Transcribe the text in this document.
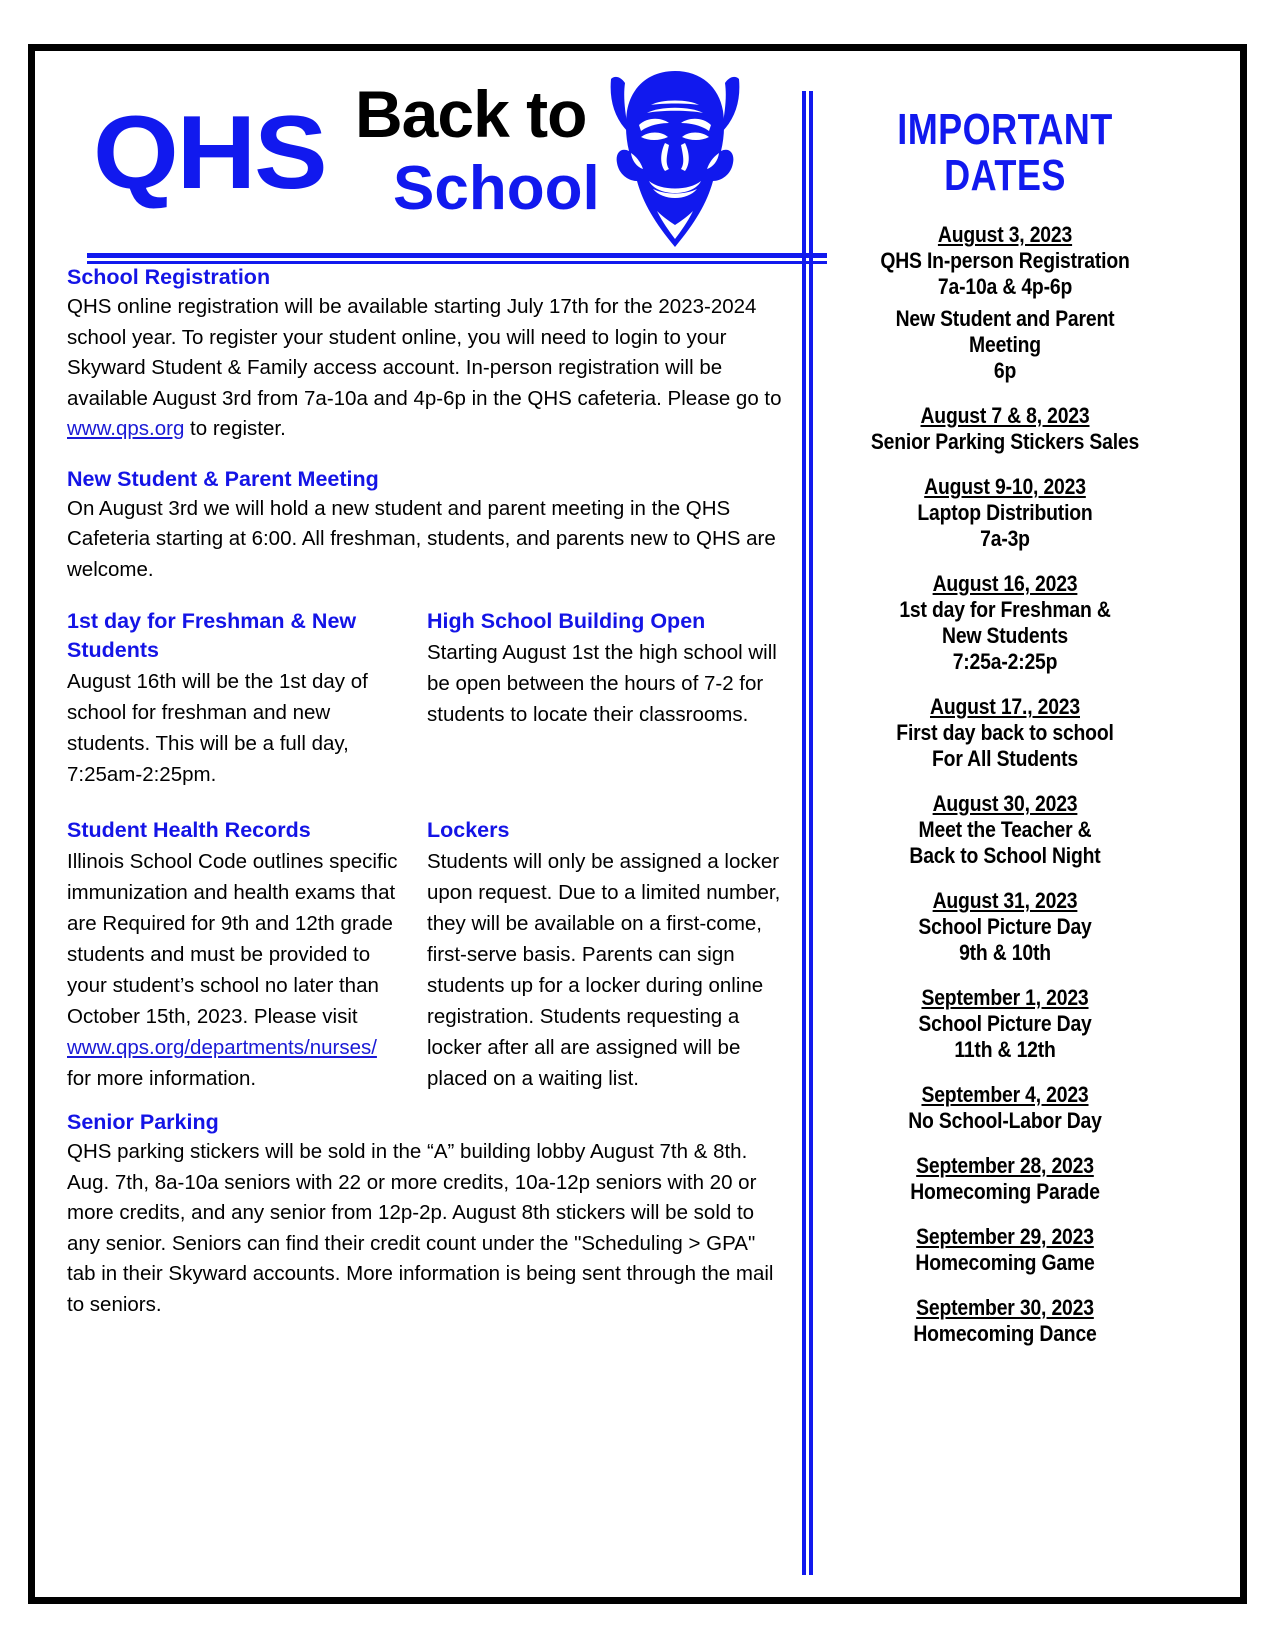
QHS Back to
School
School Registration

QHS online registration will be available starting July 17th for the 2023-2024 school year. To register your student online, you will need to login to your Skyward Student & Family access account. In-person registration will be available August 3rd from 7a-10a and 4p-6p in the QHS cafeteria. Please go to www.qps.org to register.

New Student & Parent Meeting

On August 3rd we will hold a new student and parent meeting in the QHS Cafeteria starting at 6:00. All freshman, students, and parents new to QHS are welcome.

1st day for Freshman & New Students

August 16th will be the 1st day of school for freshman and new students. This will be a full day, 7:25am-2:25pm.

High School Building Open

Starting August 1st the high school will be open between the hours of 7-2 for students to locate their classrooms.

Student Health Records

Illinois School Code outlines specific immunization and health exams that are Required for 9th and 12th grade students and must be provided to your student’s school no later than October 15th, 2023. Please visit www.qps.org/departments/nurses/ for more information.

Lockers

Students will only be assigned a locker upon request. Due to a limited number, they will be available on a first-come, first-serve basis. Parents can sign students up for a locker during online registration. Students requesting a locker after all are assigned will be placed on a waiting list.

Senior Parking

QHS parking stickers will be sold in the “A” building lobby August 7th & 8th. Aug. 7th, 8a-10a seniors with 22 or more credits, 10a-12p seniors with 20 or more credits, and any senior from 12p-2p. August 8th stickers will be sold to any senior. Seniors can find their credit count under the "Scheduling > GPA" tab in their Skyward accounts. More information is being sent through the mail to seniors.

IMPORTANT DATES
August 3, 2023
QHS In-person Registration
7a-10a & 4p-6p
New Student and Parent
Meeting
6p
August 7 & 8, 2023
Senior Parking Stickers Sales
August 9-10, 2023
Laptop Distribution
7a-3p
August 16, 2023
1st day for Freshman &
New Students
7:25a-2:25p
August 17., 2023
First day back to school
For All Students
August 30, 2023
Meet the Teacher &
Back to School Night
August 31, 2023
School Picture Day
9th & 10th
September 1, 2023
School Picture Day
11th & 12th
September 4, 2023
No School-Labor Day
September 28, 2023
Homecoming Parade
September 29, 2023
Homecoming Game
September 30, 2023
Homecoming Dance
